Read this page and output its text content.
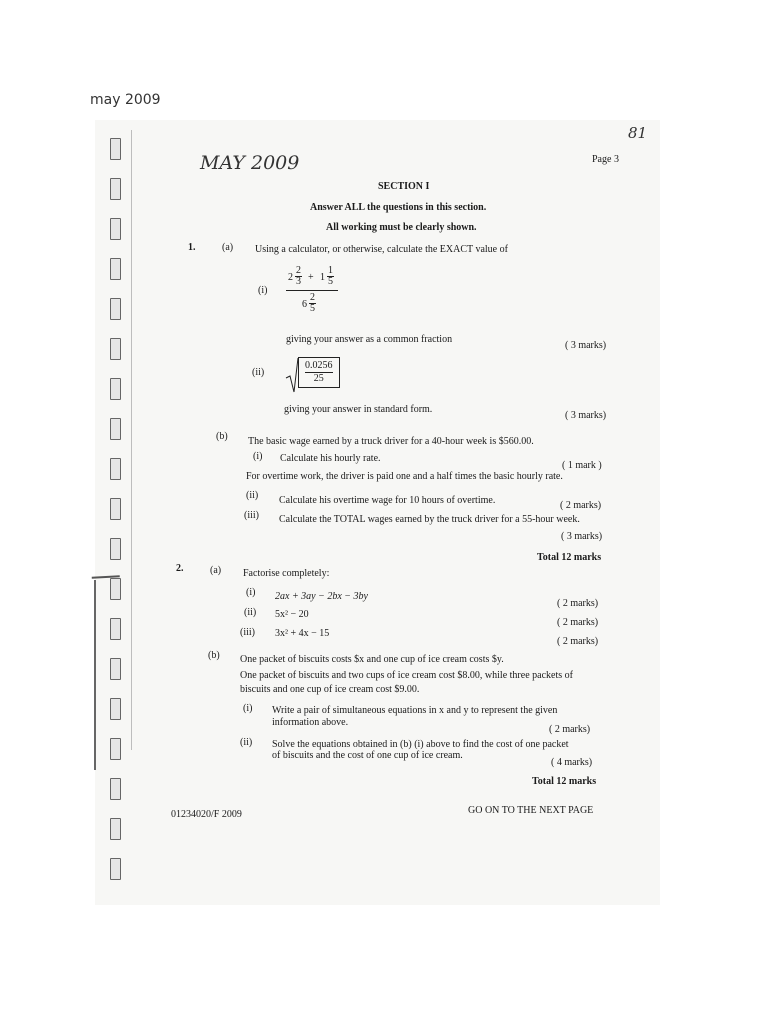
may 2009
MAY 2009
81
Page 3
SECTION I
Answer ALL the questions in this section.
All working must be clearly shown.
1.	(a) Using a calculator, or otherwise, calculate the EXACT value of
(i)
$2 \frac{2}{3} + 1 \frac{1}{5}$
$6 \frac{2}{5}$
giving your answer as a common fraction
( 3 marks)
(ii)	$\frac{0.0256}{25}$
giving your answer in standard form.
( 3 marks)
(b) The basic wage earned by a truck driver for a 40-hour week is $560.00.
(i) Calculate his hourly rate.
( 1 mark )
For overtime work, the driver is paid one and a half times the basic hourly rate.
(ii) Calculate his overtime wage for 10 hours of overtime.	( 2 marks)
(iii) Calculate the TOTAL wages earned by the truck driver for a 55-hour week.
( 3 marks)
Total 12 marks
2.	(a) Factorise completely:
(i) 2ax + 3ay − 2bx − 3by
( 2 marks)
(ii) 5x² − 20
( 2 marks)
(iii) 3x² + 4x − 15
( 2 marks)
(b) One packet of biscuits costs $x and one cup of ice cream costs $y.
One packet of biscuits and two cups of ice cream cost $8.00, while three packets of
biscuits and one cup of ice cream cost $9.00.
(i) Write a pair of simultaneous equations in x and y to represent the given
information above.
( 2 marks)
(ii) Solve the equations obtained in (b) (i) above to find the cost of one packet
of biscuits and the cost of one cup of ice cream.
( 4 marks)
Total 12 marks
01234020/F 2009	GO ON TO THE NEXT PAGE
